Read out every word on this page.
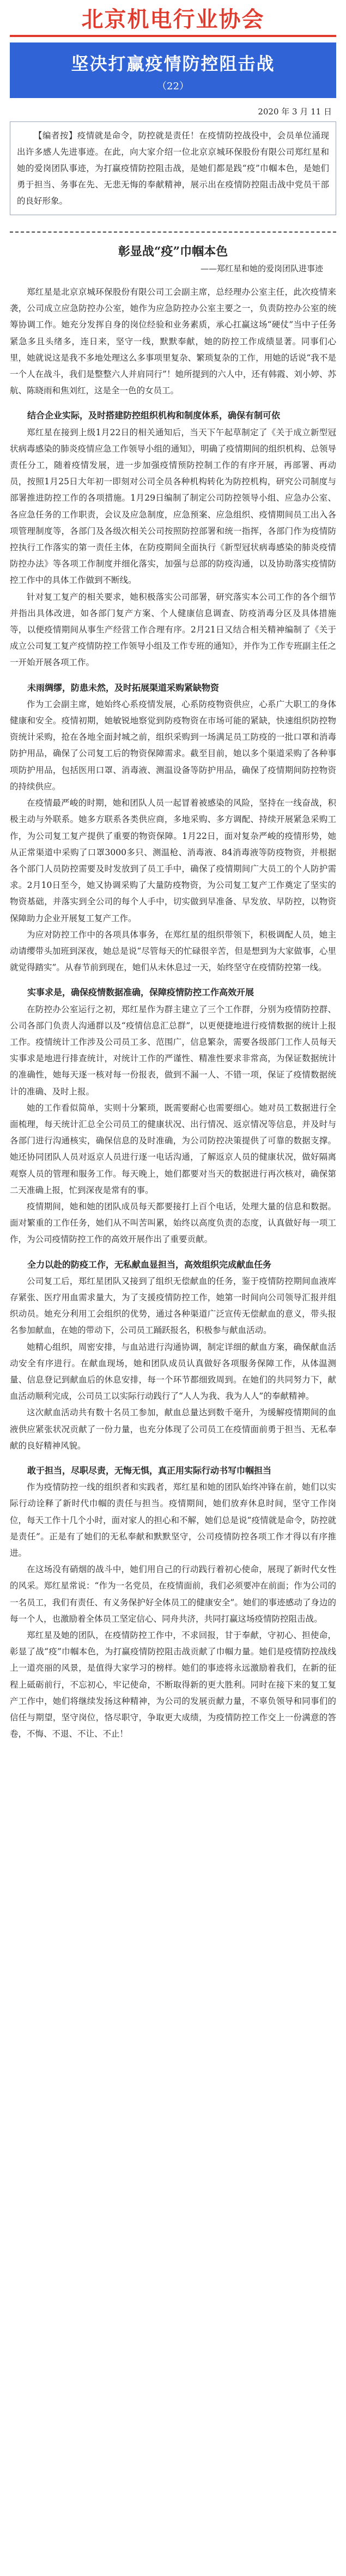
北京机电行业协会
坚决打赢疫情防控阻击战
（22）
2020 年 3 月 11 日
【编者按】疫情就是命令，防控就是责任！在疫情防控战役中，会员单位涌现出许多感人先进事迹。在此，向大家介绍一位北京京城环保股份有限公司郑红星和她的爱岗团队事迹，为打赢疫情防控阻击战，是她们都是践“疫”巾帼本色，是她们勇于担当、务事在先、无悲无悔的奉献精神，展示出在疫情防控阻击战中党员干部的良好形象。
彰显战“疫”巾帼本色
——郑红星和她的爱岗团队进事迹

郑红星是北京京城环保股份有限公司工会副主席，总经理办公室主任，此次疫情来袭，公司成立应急防控办公室，她作为应急防控办公室主要之一，负责防控办公室的统筹协调工作。她充分发挥自身的岗位经验和业务素质，承心扛赢这场“硬仗”当中子任务紧急多且头绪多，连日来，坚守一线，默默奉献，她的防控工作成绩显著。同事们心里，她就说这是我不多地处理这么多事项里复杂、繁琐复杂的工作，用她的话说“我不是一个人在战斗，我们是整整六人并肩同行”！她所提到的六人中，还有韩霞、刘小婷、苏航、陈晓雨和焦刘红，这是全一色的女员工。

结合企业实际，及时搭建防控组织机构和制度体系，确保有制可依

郑红星在接到上级1月22日的相关通知后，当天下午起草制定了《关于成立新型冠状病毒感染的肺炎疫情应急工作领导小组的通知》，明确了疫情期间的组织机构、总领导责任分工，随着疫情发展，进一步加强疫情预防控制工作的有序开展，再部署、再动员，按照1月25日大年初一即刻对公司全员各种机构转化为防控机构，研究公司制度与部署推进防控工作的各项措施。1月29日编制了制定公司防控领导小组、应急办公室、各应急任务的工作职责，会议及应急制度，应急预案、应急组织、疫情期间员工出入各项管理制度等，各部门及各级次相关公司按照防控部署和统一指挥，各部门作为疫情防控执行工作落实的第一责任主体，在防疫期间全面执行《新型冠状病毒感染的肺炎疫情防控办法》等各项工作制度并细化落实，加强与总部的防疫沟通，以及协助落实疫情防控工作中的具体工作做到不断线。

针对复工复产的相关要求，她积极落实公司部署，研究落实本公司工作的各个细节并指出具体改进，如各部门复产方案、个人健康信息调查、防疫消毒分区及具体措施等，以便疫情期间从事生产经营工作合理有序。2月21日又结合相关精神编制了《关于成立公司复工复产疫情防控工作领导小组及工作专班的通知》，并作为工作专班副主任之一开始开展各项工作。

未雨绸缪，防患未然，及时拓展渠道采购紧缺物资

作为工会副主席，她始终心系疫情发展，心系防疫物资供应，心系广大职工的身体健康和安全。疫情初期，她敏锐地察觉到防疫物资在市场可能的紧缺，快速组织防控物资统计采购，抢在各地全面封城之前，组织采购到一场满足员工防疫的一批口罩和消毒防护用品，确保了公司复工后的物资保障需求。截至目前，她以多个渠道采购了各种事项防护用品，包括医用口罩、消毒液、测温设备等防护用品，确保了疫情期间防控物资的持续供应。

在疫情最严峻的时期，她和团队人员一起冒着被感染的风险，坚持在一线奋战，积极主动与外联系。她多方联系各类供应商，多地采购、多方调配、持续开展紧急采购工作，为公司复工复产提供了重要的物资保障。1月22日，面对复杂严峻的疫情形势，她从正常渠道中采购了口罩3000多只、测温枪、消毒液、84消毒液等防疫物资，并根据各个部门人员防控需要及时发放到了员工手中，确保了疫情期间广大员工的个人防护需求。2月10日至今，她又协调采购了大量防疫物资，为公司复工复产工作奠定了坚实的物资基础，并落实到全公司的每个人手中，切实做到早准备、早发放、早防控，以物资保障助力企业开展复工复产工作。

为应对防控工作中的各项具体事务，在郑红星的组织带领下，积极调配人员，她主动请缨带头加班到深夜，她总是说“尽管每天的忙碌很辛苦，但是想到为大家做事，心里就觉得踏实”。从春节前到现在，她们从未休息过一天，始终坚守在疫情防控第一线。

实事求是，确保疫情数据准确，保障疫情防控工作高效开展

在防控办公室运行之初，郑红星作为群主建立了三个工作群，分别为疫情防控群、公司各部门负责人沟通群以及“疫情信息汇总群”，以更便捷地进行疫情数据的统计上报工作。疫情统计工作涉及公司员工多、范围广，信息繁杂，需要各级部门工作人员每天实事求是地进行排查统计，对统计工作的严谨性、精准性要求非常高，为保证数据统计的准确性，她每天逐一核对每一份报表，做到不漏一人、不错一项，保证了疫情数据统计的准确、及时上报。

她的工作看似简单，实则十分繁琐，既需要耐心也需要细心。她对员工数据进行全面梳理，每天统计汇总全公司员工的健康状况、出行情况、返京情况等信息，并及时与各部门进行沟通核实，确保信息的及时准确，为公司防控决策提供了可靠的数据支撑。她还协同团队人员对返京人员进行逐一电话沟通，了解返京人员的健康状况，做好隔离观察人员的管理和服务工作。每天晚上，她们都要对当天的数据进行再次核对，确保第二天准确上报，忙到深夜是常有的事。

疫情期间，她和她的团队成员每天都要接打上百个电话，处理大量的信息和数据。面对繁重的工作任务，她们从不叫苦叫累，始终以高度负责的态度，认真做好每一项工作，为公司疫情防控工作的高效开展作出了重要贡献。

全力以赴的防疫工作，无私献血显担当，高效组织完成献血任务

公司复工后，郑红星团队又接到了组织无偿献血的任务，鉴于疫情防控期间血液库存紧张、医疗用血需求量大，为了支援疫情防控工作，她第一时间向公司领导汇报并组织动员。她充分利用工会组织的优势，通过各种渠道广泛宣传无偿献血的意义，带头报名参加献血，在她的带动下，公司员工踊跃报名，积极参与献血活动。

她精心组织，周密安排，与血站进行沟通协调，制定详细的献血方案，确保献血活动安全有序进行。在献血现场，她和团队成员认真做好各项服务保障工作，从体温测量、信息登记到献血后的休息安排，每一个环节都细致周到。在她们的共同努力下，献血活动顺利完成，公司员工以实际行动践行了“人人为我、我为人人”的奉献精神。

这次献血活动共有数十名员工参加，献血总量达到数千毫升，为缓解疫情期间的血液供应紧张状况贡献了一份力量，也充分体现了公司员工在疫情面前勇于担当、无私奉献的良好精神风貌。

敢于担当，尽职尽责，无悔无惧，真正用实际行动书写巾帼担当

作为疫情防控一线的组织者和实践者，郑红星和她的团队始终冲锋在前，她们以实际行动诠释了新时代巾帼的责任与担当。疫情期间，她们放弃休息时间，坚守工作岗位，每天工作十几个小时，面对家人的担心和不解，她们总是说“疫情就是命令，防控就是责任”。正是有了她们的无私奉献和默默坚守，公司疫情防控各项工作才得以有序推进。

在这场没有硝烟的战斗中，她们用自己的行动践行着初心使命，展现了新时代女性的风采。郑红星常说：“作为一名党员，在疫情面前，我们必须要冲在前面；作为公司的一名员工，我们有责任、有义务保护好全体员工的健康安全”。她们的事迹感动了身边的每一个人，也激励着全体员工坚定信心、同舟共济，共同打赢这场疫情防控阻击战。

郑红星及她的团队，在疫情防控工作中，不求回报，甘于奉献，守初心、担使命，彰显了战“疫”巾帼本色，为打赢疫情防控阻击战贡献了巾帼力量。她们是疫情防控战线上一道亮丽的风景，是值得大家学习的榜样。她们的事迹将永远激励着我们，在新的征程上砥砺前行，不忘初心，牢记使命，不断取得新的更大胜利。同时在接下来的复工复产工作中，她们将继续发扬这种精神，为公司的发展贡献力量，不辜负领导和同事们的信任与期望，坚守岗位，恪尽职守，争取更大成绩，为疫情防控工作交上一份满意的答卷，不悔、不退、不让、不止！
